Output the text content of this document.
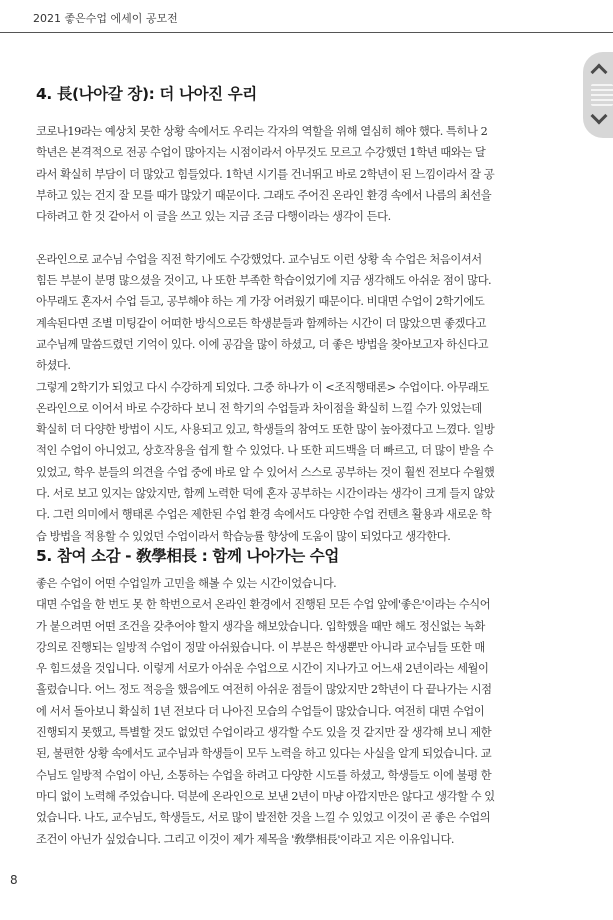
2021 좋은수업 에세이 공모전
4. 長(나아갈 장): 더 나아진 우리
코로나19라는 예상치 못한 상황 속에서도 우리는 각자의 역할을 위해 열심히 해야 했다. 특히나 2
학년은 본격적으로 전공 수업이 많아지는 시점이라서 아무것도 모르고 수강했던 1학년 때와는 달
라서 확실히 부담이 더 많았고 힘들었다. 1학년 시기를 건너뛰고 바로 2학년이 된 느낌이라서 잘 공
부하고 있는 건지 잘 모를 때가 많았기 때문이다. 그래도 주어진 온라인 환경 속에서 나름의 최선을
다하려고 한 것 같아서 이 글을 쓰고 있는 지금 조금 다행이라는 생각이 든다.
온라인으로 교수님 수업을 직전 학기에도 수강했었다. 교수님도 이런 상황 속 수업은 처음이셔서
힘든 부분이 분명 많으셨을 것이고, 나 또한 부족한 학습이었기에 지금 생각해도 아쉬운 점이 많다.
아무래도 혼자서 수업 듣고, 공부해야 하는 게 가장 어려웠기 때문이다. 비대면 수업이 2학기에도
계속된다면 조별 미팅같이 어떠한 방식으로든 학생분들과 함께하는 시간이 더 많았으면 좋겠다고
교수님께 말씀드렸던 기억이 있다. 이에 공감을 많이 하셨고, 더 좋은 방법을 찾아보고자 하신다고
하셨다.
그렇게 2학기가 되었고 다시 수강하게 되었다. 그중 하나가 이 <조직행태론> 수업이다. 아무래도
온라인으로 이어서 바로 수강하다 보니 전 학기의 수업들과 차이점을 확실히 느낄 수가 있었는데
확실히 더 다양한 방법이 시도, 사용되고 있고, 학생들의 참여도 또한 많이 높아졌다고 느꼈다. 일방
적인 수업이 아니었고, 상호작용을 쉽게 할 수 있었다. 나 또한 피드백을 더 빠르고, 더 많이 받을 수
있었고, 학우 분들의 의견을 수업 중에 바로 알 수 있어서 스스로 공부하는 것이 훨씬 전보다 수월했
다. 서로 보고 있지는 않았지만, 함께 노력한 덕에 혼자 공부하는 시간이라는 생각이 크게 들지 않았
다. 그런 의미에서 행태론 수업은 제한된 수업 환경 속에서도 다양한 수업 컨텐츠 활용과 새로운 학
습 방법을 적용할 수 있었던 수업이라서 학습능률 향상에 도움이 많이 되었다고 생각한다.
5. 참여 소감 - 敎學相長 : 함께 나아가는 수업
좋은 수업이 어떤 수업일까 고민을 해볼 수 있는 시간이었습니다.
대면 수업을 한 번도 못 한 학번으로서 온라인 환경에서 진행된 모든 수업 앞에'좋은'이라는 수식어
가 붙으려면 어떤 조건을 갖추어야 할지 생각을 해보았습니다. 입학했을 때만 해도 정신없는 녹화
강의로 진행되는 일방적 수업이 정말 아쉬웠습니다. 이 부분은 학생뿐만 아니라 교수님들 또한 매
우 힘드셨을 것입니다. 이렇게 서로가 아쉬운 수업으로 시간이 지나가고 어느새 2년이라는 세월이
흘렀습니다. 어느 정도 적응을 했음에도 여전히 아쉬운 점들이 많았지만 2학년이 다 끝나가는 시점
에 서서 돌아보니 확실히 1년 전보다 더 나아진 모습의 수업들이 많았습니다. 여전히 대면 수업이
진행되지 못했고, 특별할 것도 없었던 수업이라고 생각할 수도 있을 것 같지만 잘 생각해 보니 제한
된, 불편한 상황 속에서도 교수님과 학생들이 모두 노력을 하고 있다는 사실을 알게 되었습니다. 교
수님도 일방적 수업이 아닌, 소통하는 수업을 하려고 다양한 시도를 하셨고, 학생들도 이에 불평 한
마디 없이 노력해 주었습니다. 덕분에 온라인으로 보낸 2년이 마냥 아깝지만은 않다고 생각할 수 있
었습니다. 나도, 교수님도, 학생들도, 서로 많이 발전한 것을 느낄 수 있었고 이것이 곧 좋은 수업의
조건이 아닌가 싶었습니다. 그리고 이것이 제가 제목을 '敎學相長'이라고 지은 이유입니다.
8
